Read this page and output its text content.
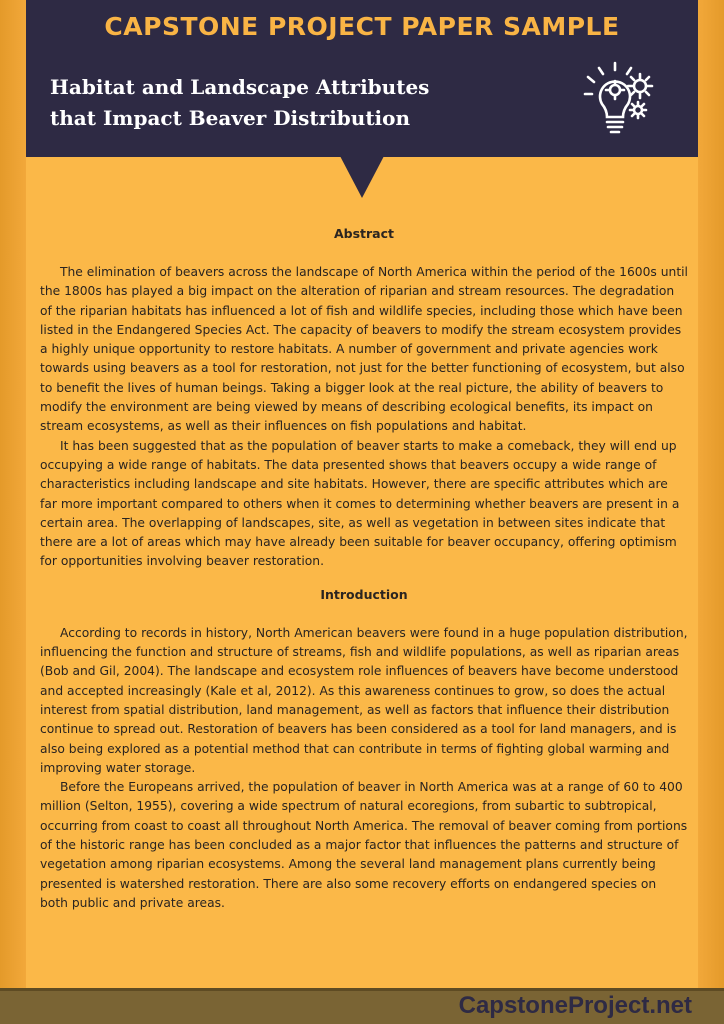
CAPSTONE PROJECT PAPER SAMPLE
Habitat and Landscape Attributes
that Impact Beaver Distribution
Abstract

The elimination of beavers across the landscape of North America within the period of the 1600s until the 1800s has played a big impact on the alteration of riparian and stream resources. The degradation of the riparian habitats has influenced a lot of fish and wildlife species, including those which have been listed in the Endangered Species Act. The capacity of beavers to modify the stream ecosystem provides a highly unique opportunity to restore habitats. A number of government and private agencies work towards using beavers as a tool for restoration, not just for the better functioning of ecosystem, but also to benefit the lives of human beings. Taking a bigger look at the real picture, the ability of beavers to modify the environment are being viewed by means of describing ecological benefits, its impact on stream ecosystems, as well as their influences on fish populations and habitat.

It has been suggested that as the population of beaver starts to make a comeback, they will end up occupying a wide range of habitats. The data presented shows that beavers occupy a wide range of characteristics including landscape and site habitats. However, there are specific attributes which are far more important compared to others when it comes to determining whether beavers are present in a certain area. The overlapping of landscapes, site, as well as vegetation in between sites indicate that there are a lot of areas which may have already been suitable for beaver occupancy, offering optimism for opportunities involving beaver restoration.

Introduction

According to records in history, North American beavers were found in a huge population distribution, influencing the function and structure of streams, fish and wildlife populations, as well as riparian areas (Bob and Gil, 2004). The landscape and ecosystem role influences of beavers have become understood and accepted increasingly (Kale et al, 2012). As this awareness continues to grow, so does the actual interest from spatial distribution, land management, as well as factors that influence their distribution continue to spread out. Restoration of beavers has been considered as a tool for land managers, and is also being explored as a potential method that can contribute in terms of fighting global warming and improving water storage.

Before the Europeans arrived, the population of beaver in North America was at a range of 60 to 400 million (Selton, 1955), covering a wide spectrum of natural ecoregions, from subartic to subtropical, occurring from coast to coast all throughout North America. The removal of beaver coming from portions of the historic range has been concluded as a major factor that influences the patterns and structure of vegetation among riparian ecosystems. Among the several land management plans currently being presented is watershed restoration. There are also some recovery efforts on endangered species on both public and private areas.

CapstoneProject.net
